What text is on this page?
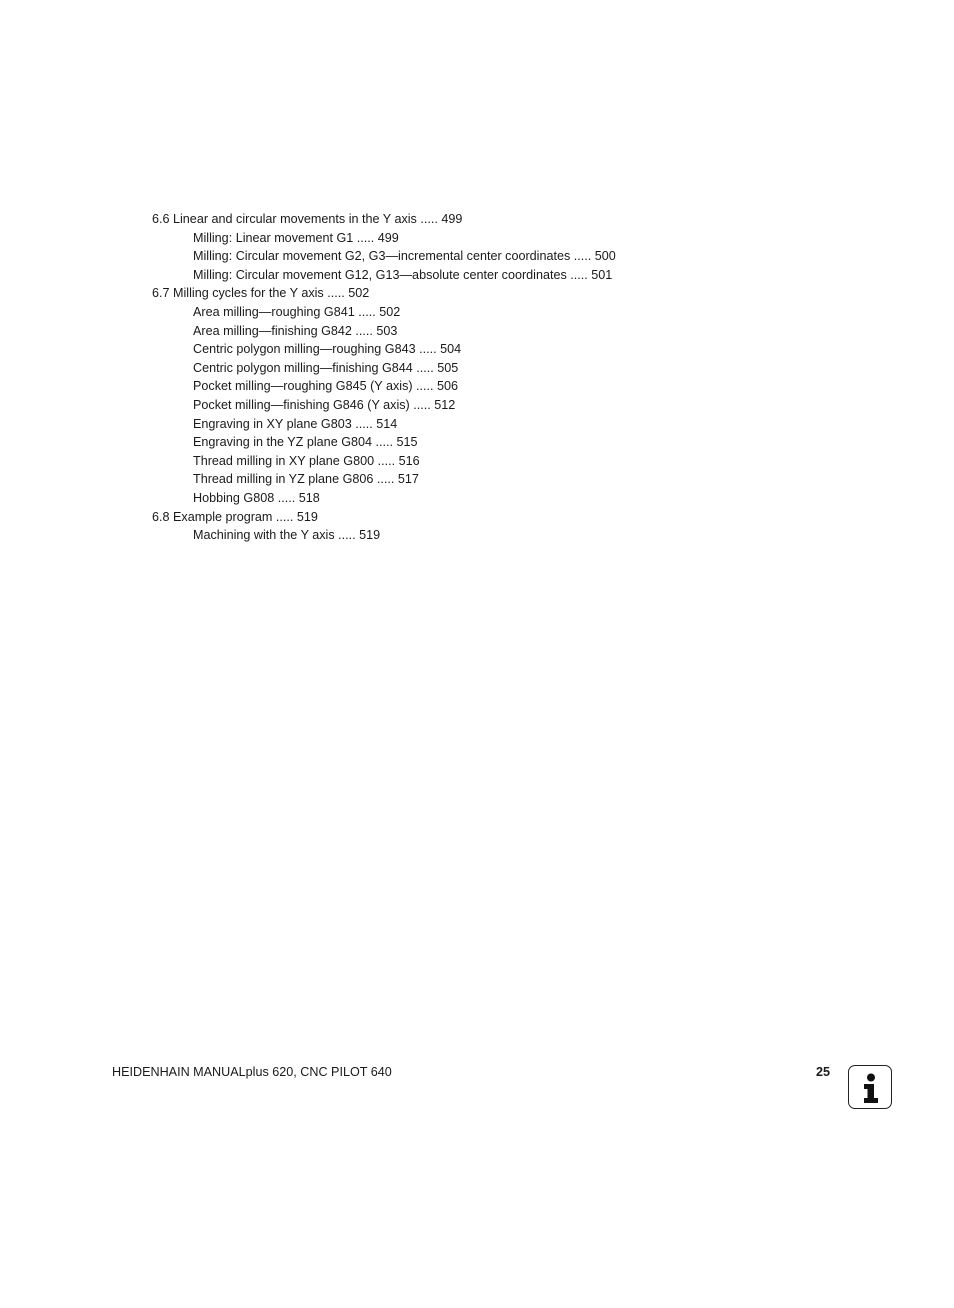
6.6 Linear and circular movements in the Y axis ..... 499
Milling: Linear movement G1 ..... 499
Milling: Circular movement G2, G3—incremental center coordinates ..... 500
Milling: Circular movement G12, G13—absolute center coordinates ..... 501
6.7 Milling cycles for the Y axis ..... 502
Area milling—roughing G841 ..... 502
Area milling—finishing G842 ..... 503
Centric polygon milling—roughing G843 ..... 504
Centric polygon milling—finishing G844 ..... 505
Pocket milling—roughing G845 (Y axis) ..... 506
Pocket milling—finishing G846 (Y axis) ..... 512
Engraving in XY plane G803 ..... 514
Engraving in the YZ plane G804 ..... 515
Thread milling in XY plane G800 ..... 516
Thread milling in YZ plane G806 ..... 517
Hobbing G808 ..... 518
6.8 Example program ..... 519
Machining with the Y axis ..... 519
HEIDENHAIN MANUALplus 620, CNC PILOT 640	25
